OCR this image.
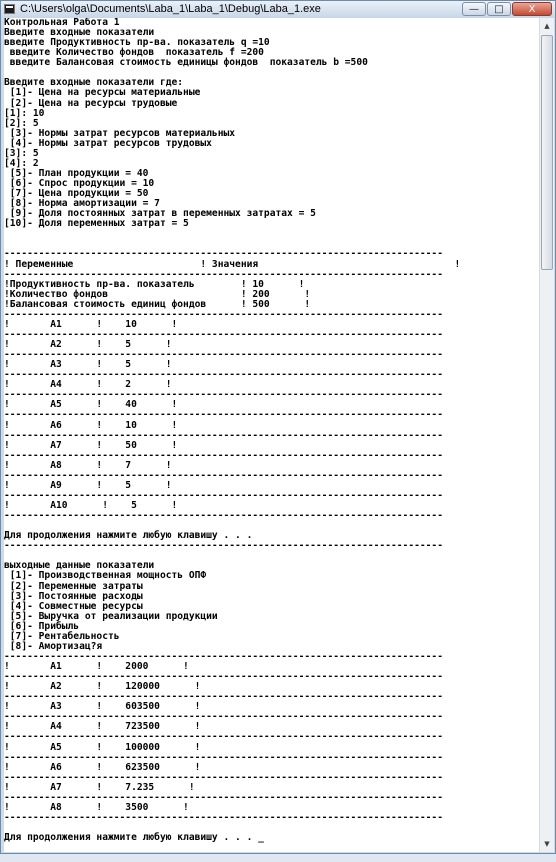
C:\Users\olga\Documents\Laba_1\Laba_1\Debug\Laba_1.exe	—	□	X
Контрольная Работа 1
Введите входные показатели
введите Продуктивность пр-ва. показатель q =10
введите Количество фондов  показатель f =200
введите Балансовая стоимость единицы фондов  показатель b =500
Введите входные показатели где:
[1]- Цена на ресурсы материальные
[2]- Цена на ресурсы трудовые
[1]: 10
[2]: 5
[3]- Нормы затрат ресурсов материальных
[4]- Нормы затрат ресурсов трудовых
[3]: 5
[4]: 2
[5]- План продукции = 40
[6]- Спрос продукции = 10
[7]- Цена продукции = 50
[8]- Норма амортизации = 7
[9]- Доля постоянных затрат в переменных затратах = 5
[10]- Доля переменных затрат = 5
----------------------------------------------------------------------------
! Переменные                      ! Значения                                  !
----------------------------------------------------------------------------
!Продуктивность пр-ва. показатель        ! 10      !
!Количество фондов                       ! 200      !
!Балансовая стоимость единиц фондов      ! 500      !
----------------------------------------------------------------------------
!       A1      !    10      !
----------------------------------------------------------------------------
!       A2      !    5      !
----------------------------------------------------------------------------
!       A3      !    5      !
----------------------------------------------------------------------------
!       A4      !    2      !
----------------------------------------------------------------------------
!       A5      !    40      !
----------------------------------------------------------------------------
!       A6      !    10      !
----------------------------------------------------------------------------
!       A7      !    50      !
----------------------------------------------------------------------------
!       A8      !    7      !
----------------------------------------------------------------------------
!       A9      !    5      !
----------------------------------------------------------------------------
!       A10      !    5      !
----------------------------------------------------------------------------
Для продолжения нажмите любую клавишу . . .
----------------------------------------------------------------------------
выходные данные показатели
[1]- Производственная мощность ОПФ
[2]- Переменные затраты
[3]- Постоянные расходы
[4]- Совместные ресурсы
[5]- Выручка от реализации продукции
[6]- Прибыль
[7]- Рентабельность
[8]- Амортизац?я
----------------------------------------------------------------------------
!       A1      !    2000      !
----------------------------------------------------------------------------
!       A2      !    120000      !
----------------------------------------------------------------------------
!       A3      !    603500      !
----------------------------------------------------------------------------
!       A4      !    723500      !
----------------------------------------------------------------------------
!       A5      !    100000      !
----------------------------------------------------------------------------
!       A6      !    623500      !
----------------------------------------------------------------------------
!       A7      !    7.235      !
----------------------------------------------------------------------------
!       A8      !    3500      !
----------------------------------------------------------------------------
Для продолжения нажмите любую клавишу . . . _
▲
▼
